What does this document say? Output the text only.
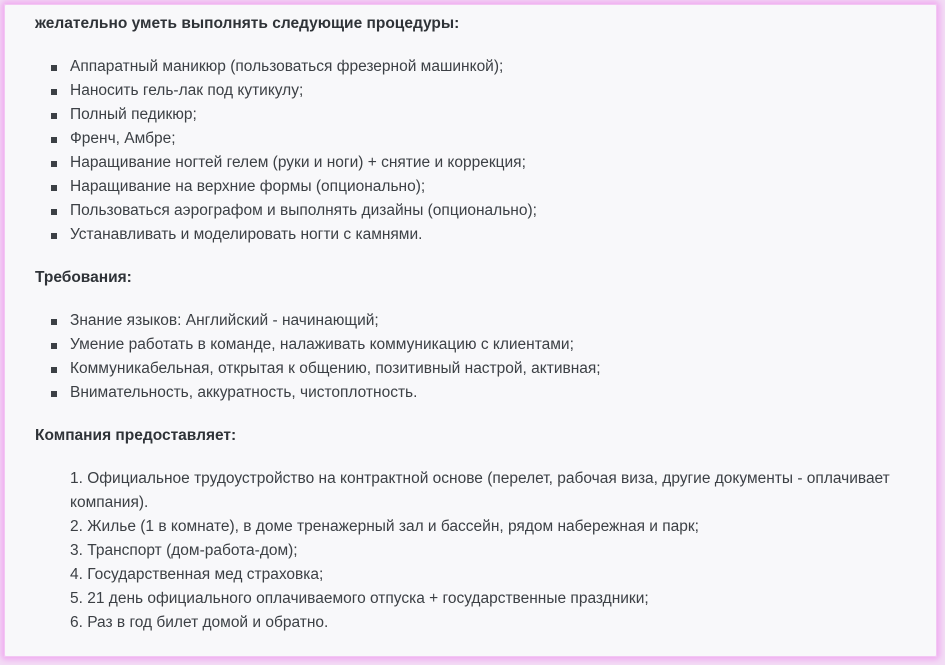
желательно уметь выполнять следующие процедуры:

Аппаратный маникюр (пользоваться фрезерной машинкой);
Наносить гель-лак под кутикулу;
Полный педикюр;
Френч, Амбре;
Наращивание ногтей гелем (руки и ноги) + снятие и коррекция;
Наращивание на верхние формы (опционально);
Пользоваться аэрографом и выполнять дизайны (опционально);
Устанавливать и моделировать ногти с камнями.

Требования:

Знание языков: Английский - начинающий;
Умение работать в команде, налаживать коммуникацию с клиентами;
Коммуникабельная, открытая к общению, позитивный настрой, активная;
Внимательность, аккуратность, чистоплотность.

Компания предоставляет:

1. Официальное трудоустройство на контрактной основе (перелет, рабочая виза, другие документы - оплачивает компания).
2. Жилье (1 в комнате), в доме тренажерный зал и бассейн, рядом набережная и парк;
3. Транспорт (дом-работа-дом);
4. Государственная мед страховка;
5. 21 день официального оплачиваемого отпуска + государственные праздники;
6. Раз в год билет домой и обратно.
